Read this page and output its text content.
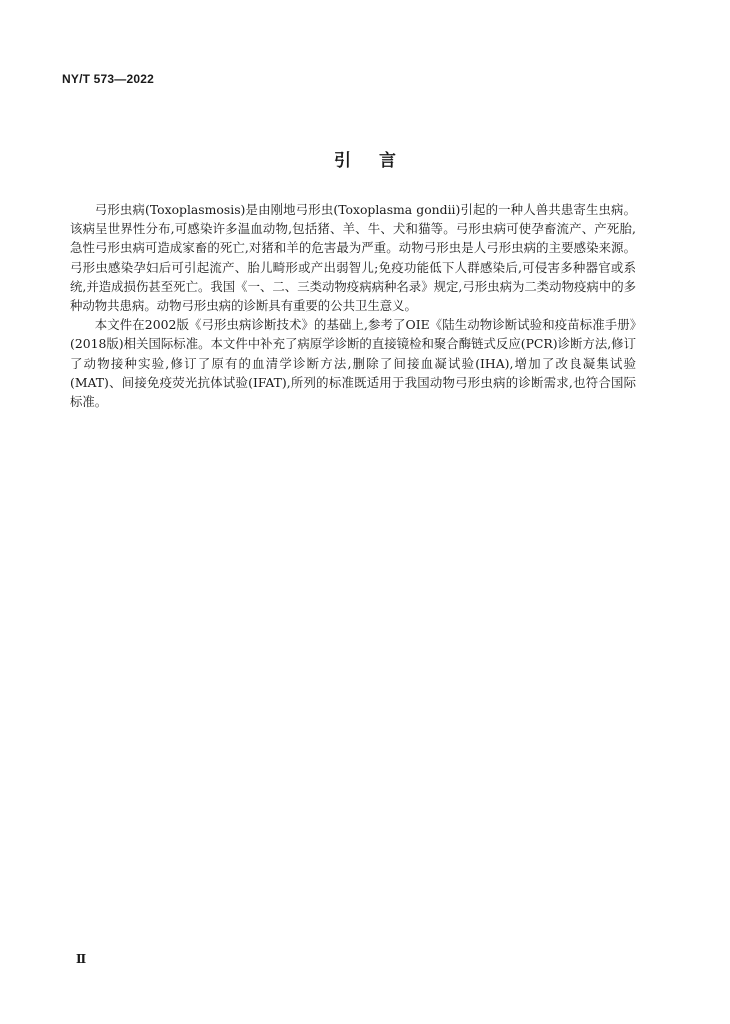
NY/T 573—2022
引言

弓形虫病(Toxoplasmosis)是由刚地弓形虫(Toxoplasma gondii)引起的一种人兽共患寄生虫病。该病呈世界性分布,可感染许多温血动物,包括猪、羊、牛、犬和猫等。弓形虫病可使孕畜流产、产死胎,急性弓形虫病可造成家畜的死亡,对猪和羊的危害最为严重。动物弓形虫是人弓形虫病的主要感染来源。弓形虫感染孕妇后可引起流产、胎儿畸形或产出弱智儿;免疫功能低下人群感染后,可侵害多种器官或系统,并造成损伤甚至死亡。我国《一、二、三类动物疫病病种名录》规定,弓形虫病为二类动物疫病中的多种动物共患病。动物弓形虫病的诊断具有重要的公共卫生意义。

本文件在2002版《弓形虫病诊断技术》的基础上,参考了OIE《陆生动物诊断试验和疫苗标准手册》(2018版)相关国际标准。本文件中补充了病原学诊断的直接镜检和聚合酶链式反应(PCR)诊断方法,修订了动物接种实验,修订了原有的血清学诊断方法,删除了间接血凝试验(IHA),增加了改良凝集试验(MAT)、间接免疫荧光抗体试验(IFAT),所列的标准既适用于我国动物弓形虫病的诊断需求,也符合国际标准。

Ⅱ
